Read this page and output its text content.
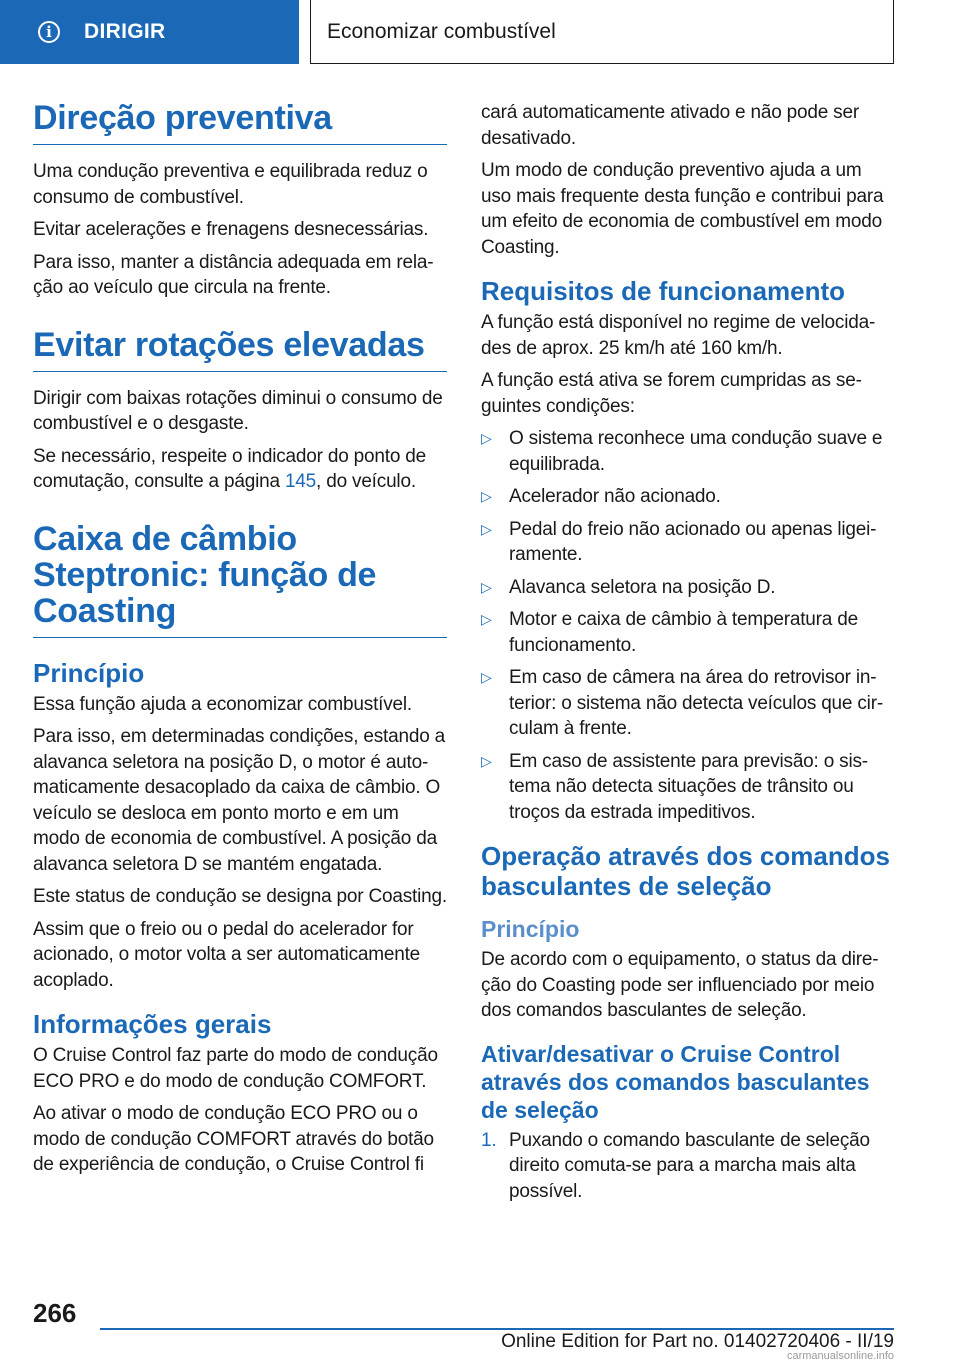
i	DIRIGIR	Economizar combustível
Direção preventiva

Uma condução preventiva e equilibrada reduz o consumo de combustível.

Evitar acelerações e frenagens desnecessárias.

Para isso, manter a distância adequada em relação ao veículo que circula na frente.

Evitar rotações elevadas

Dirigir com baixas rotações diminui o consumo de combustível e o desgaste.

Se necessário, respeite o indicador do ponto de comutação, consulte a página 145, do veículo.

Caixa de câmbio Steptronic: função de Coasting
Princípio

Essa função ajuda a economizar combustível.

Para isso, em determinadas condições, estando a alavanca seletora na posição D, o motor é automaticamente desacoplado da caixa de câmbio. O veículo se desloca em ponto morto e em um modo de economia de combustível. A posição da alavanca seletora D se mantém engatada.

Este status de condução se designa por Coasting.

Assim que o freio ou o pedal do acelerador for acionado, o motor volta a ser automaticamente acoplado.

Informações gerais

O Cruise Control faz parte do modo de condução ECO PRO e do modo de condução COMFORT.

Ao ativar o modo de condução ECO PRO ou o modo de condução COMFORT através do botão de experiência de condução, o Cruise Control fi

cará automaticamente ativado e não pode ser desativado.

Um modo de condução preventivo ajuda a um uso mais frequente desta função e contribui para um efeito de economia de combustível em modo Coasting.

Requisitos de funcionamento

A função está disponível no regime de velocidades de aprox. 25 km/h até 160 km/h.

A função está ativa se forem cumpridas as seguintes condições:

▷ O sistema reconhece uma condução suave e equilibrada.
▷ Acelerador não acionado.
▷ Pedal do freio não acionado ou apenas ligeiramente.
▷ Alavanca seletora na posição D.
▷ Motor e caixa de câmbio à temperatura de funcionamento.
▷ Em caso de câmera na área do retrovisor interior: o sistema não detecta veículos que circulam à frente.
▷ Em caso de assistente para previsão: o sistema não detecta situações de trânsito ou troços da estrada impeditivos.
Operação através dos comandos basculantes de seleção
Princípio

De acordo com o equipamento, o status da direção do Coasting pode ser influenciado por meio dos comandos basculantes de seleção.

Ativar/desativar o Cruise Control através dos comandos basculantes de seleção
1. Puxando o comando basculante de seleção direito comuta-se para a marcha mais alta possível.
266
Online Edition for Part no. 01402720406 - II/19
carmanualsonline.info
